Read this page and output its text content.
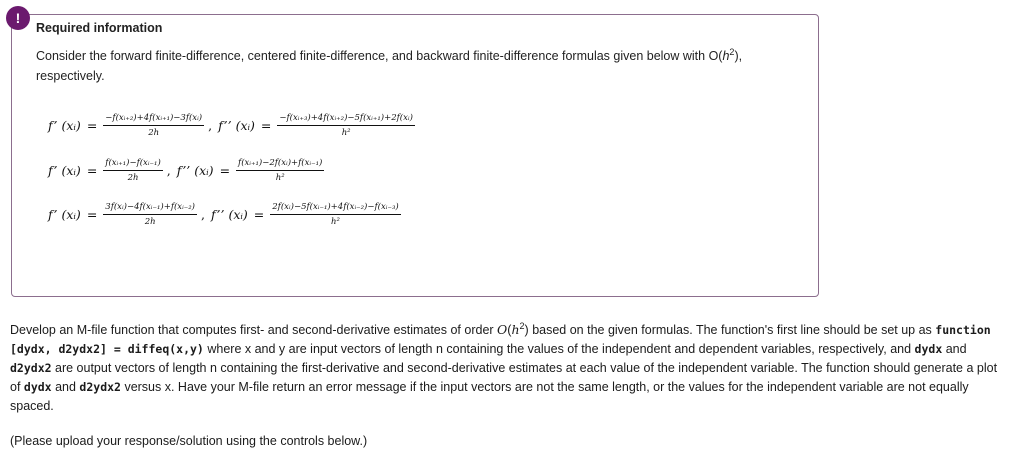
!
Required information
Consider the forward finite-difference, centered finite-difference, and backward finite-difference formulas given below with $O(h^2)$, respectively.
f’ (xᵢ) = $\frac{\text{−f(xᵢ₊₂)+4f(xᵢ₊₁)−3f(xᵢ)}}{2h}$ , f’’ (xᵢ) = $\frac{\text{−f(xᵢ₊₃)+4f(xᵢ₊₂)−5f(xᵢ₊₁)+2f(xᵢ)}}{\text{h²}}$
f’ (xᵢ) = $\frac{\text{f(xᵢ₊₁)−f(xᵢ₋₁)}}{2h}$ , f’’ (xᵢ) = $\frac{\text{f(xᵢ₊₁)−2f(xᵢ)+f(xᵢ₋₁)}}{\text{h²}}$
f’ (xᵢ) = $\frac{\text{3f(xᵢ)−4f(xᵢ₋₁)+f(xᵢ₋₂)}}{2h}$ , f’’ (xᵢ) = $\frac{\text{2f(xᵢ)−5f(xᵢ₋₁)+4f(xᵢ₋₂)−f(xᵢ₋₃)}}{\text{h²}}$

Develop an M-file function that computes first- and second-derivative estimates of order $O(h^2)$ based on the given formulas. The function's first line should be set up as function [dydx, d2ydx2] = diffeq(x,y) where x and y are input vectors of length n containing the values of the independent and dependent variables, respectively, and dydx and d2ydx2 are output vectors of length n containing the first-derivative and second-derivative estimates at each value of the independent variable. The function should generate a plot of dydx and d2ydx2 versus x. Have your M-file return an error message if the input vectors are not the same length, or the values for the independent variable are not equally spaced.

(Please upload your response/solution using the controls below.)
